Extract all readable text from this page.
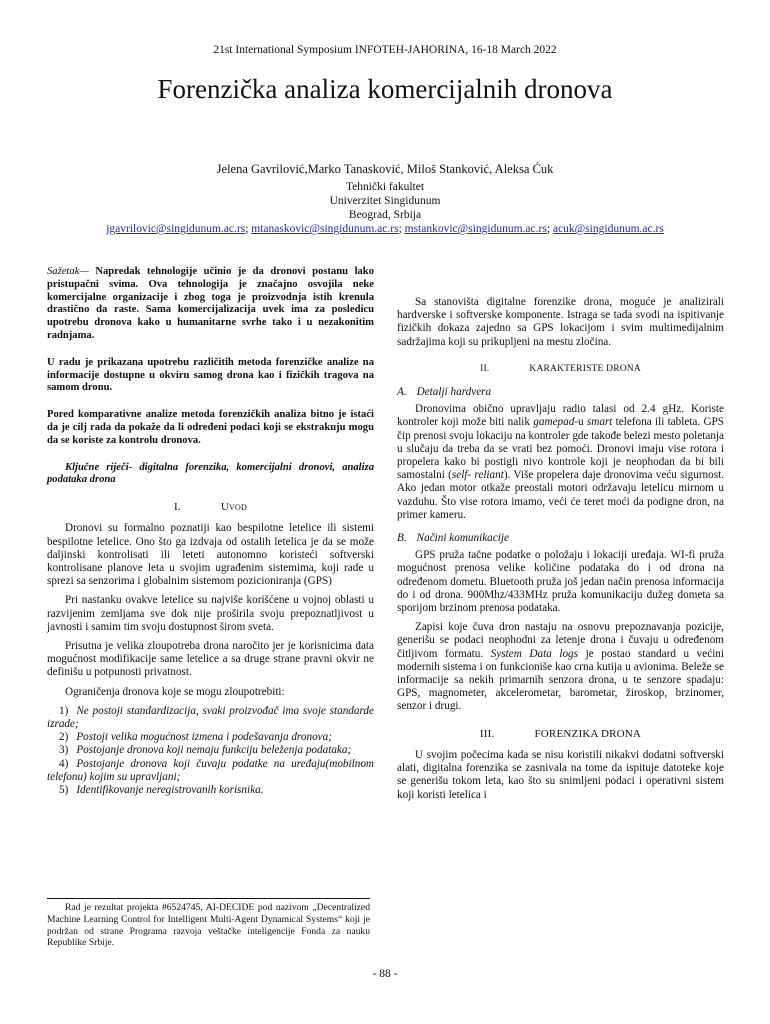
21st International Symposium INFOTEH-JAHORINA, 16-18 March 2022
Forenzička analiza komercijalnih dronova
Jelena Gavrilović,Marko Tanasković, Miloš Stanković, Aleksa Ćuk
Tehnički fakultet
Univerzitet Singidunum
Beograd, Srbija
jgavrilovic@singidunum.ac.rs; mtanaskovic@singidunum.ac.rs; mstankovic@singidunum.ac.rs; acuk@singidunum.ac.rs

Sažetak— Napredak tehnologije učinio je da dronovi postanu lako pristupačni svima. Ova tehnologija je značajno osvojila neke komercijalne organizacije i zbog toga je proizvodnja istih krenula drastično da raste. Sama komercijalizacija uvek ima za posledicu upotrebu dronova kako u humanitarne svrhe tako i u nezakonitim radnjama.

U radu je prikazana upotrebu različitih metoda forenzičke analize na informacije dostupne u okviru samog drona kao i fizičkih tragova na samom dronu.

Pored komparativne analize metoda forenzičkih analiza bitno je istaći da je cilj rada da pokaže da li određeni podaci koji se ekstrakuju mogu da se koriste za kontrolu dronova.

Ključne riječi- digitalna forenzika, komercijalni dronovi, analiza podataka drona

I.	Uvod

Dronovi su formalno poznatiji kao bespilotne letelice ili sistemi bespilotne letelice. Ono što ga izdvaja od ostalih letelica je da se može daljinski kontrolisati ili leteti autonomno koristeći softverski kontrolisane planove leta u svojim ugrađenim sistemima, koji rade u sprezi sa senzorima i globalnim sistemom pozicioniranja (GPS)

Pri nastanku ovakve letelice su najviše korišćene u vojnoj oblasti u razvijenim zemljama sve dok nije proširila svoju prepoznatljivost u javnosti i samim tim svoju dostupnost širom sveta.

Prisutna je velika zloupotreba drona naročito jer je korisnicima data mogućnost modifikacije same letelice a sa druge strane pravni okvir ne definišu u potpunosti privatnost.

Ograničenja dronova koje se mogu zloupotrebiti:

1) Ne postoji standardizacija, svaki proizvođač ima svoje standarde izrade;

2) Postoji velika mogućnost izmena i podešavanja dronova;

3) Postojanje dronova koji nemaju funkciju beleženja podataka;

4) Postojanje dronova koji čuvaju podatke na uređaju(mobilnom telefonu) kojim su upravljani;

5) Identifikovanje neregistrovanih korisnika.

Sa stanovišta digitalne forenzike drona, moguće je analizirali hardverske i softverske komponente. Istraga se tada svodi na ispitivanje fizičkih dokaza zajedno sa GPS lokacijom i svim multimedijalnim sadržajima koji su prikupljeni na mestu zločina.

II.	KARAKTERISTE DRONA
A. Detalji hardvera

Dronovima obično upravljaju radio talasi od 2.4 gHz. Koriste kontroler koji može biti nalik gamepad-u smart telefona ili tableta. GPS čip prenosi svoju lokaciju na kontroler gde takođe belezi mesto poletanja u slučaju da treba da se vrati bez pomoći. Dronovi imaju vise rotora i propelera kako bi postigli nivo kontrole koji je neophodan da bi bili samostalni (self- reliant). Više propelera daje dronovima veću sigurnost. Ako jedan motor otkaže preostali motori održavaju letelicu mirnom u vazduhu. Što vise rotora imamo, veći će teret moći da podigne dron, na primer kameru.

B. Načini komunikacije

GPS pruža tačne podatke o položaju i lokaciji uređaja. WI-fi pruža mogućnost prenosa velike količine podataka do i od drona na određenom dometu. Bluetooth pruža još jedan način prenosa informacija do i od drona. 900Mhz/433MHz pruža komunikaciju dužeg dometa sa sporijom brzinom prenosa podataka.

Zapisi koje čuva dron nastaju na osnovu prepoznavanja pozicije, generišu se podaci neophodni za letenje drona i čuvaju u određenom čitljivom formatu. System Data logs je postao standard u većini modernih sistema i on funkcioniše kao crna kutija u avionima. Beleže se informacije sa nekih primarnih senzora drona, u te senzore spadaju: GPS, magnometer, akcelerometar, barometar, žiroskop, brzinomer, senzor i drugi.

III.	FORENZIKA DRONA

U svojim počecima kada se nisu koristili nikakvi dodatni softverski alati, digitalna forenzika se zasnivala na tome da ispituje datoteke koje se generišu tokom leta, kao što su snimljeni podaci i operativni sistem koji koristi letelica i

Rad je rezultat projekta #6524745, AI-DECIDE pod nazivom „Decentralized Machine Learning Control for Intelligent Multi-Agent Dynamical Systems“ koji je podržan od strane Programa razvoja veštačke inteligencije Fonda za nauku Republike Srbije.

- 88 -
